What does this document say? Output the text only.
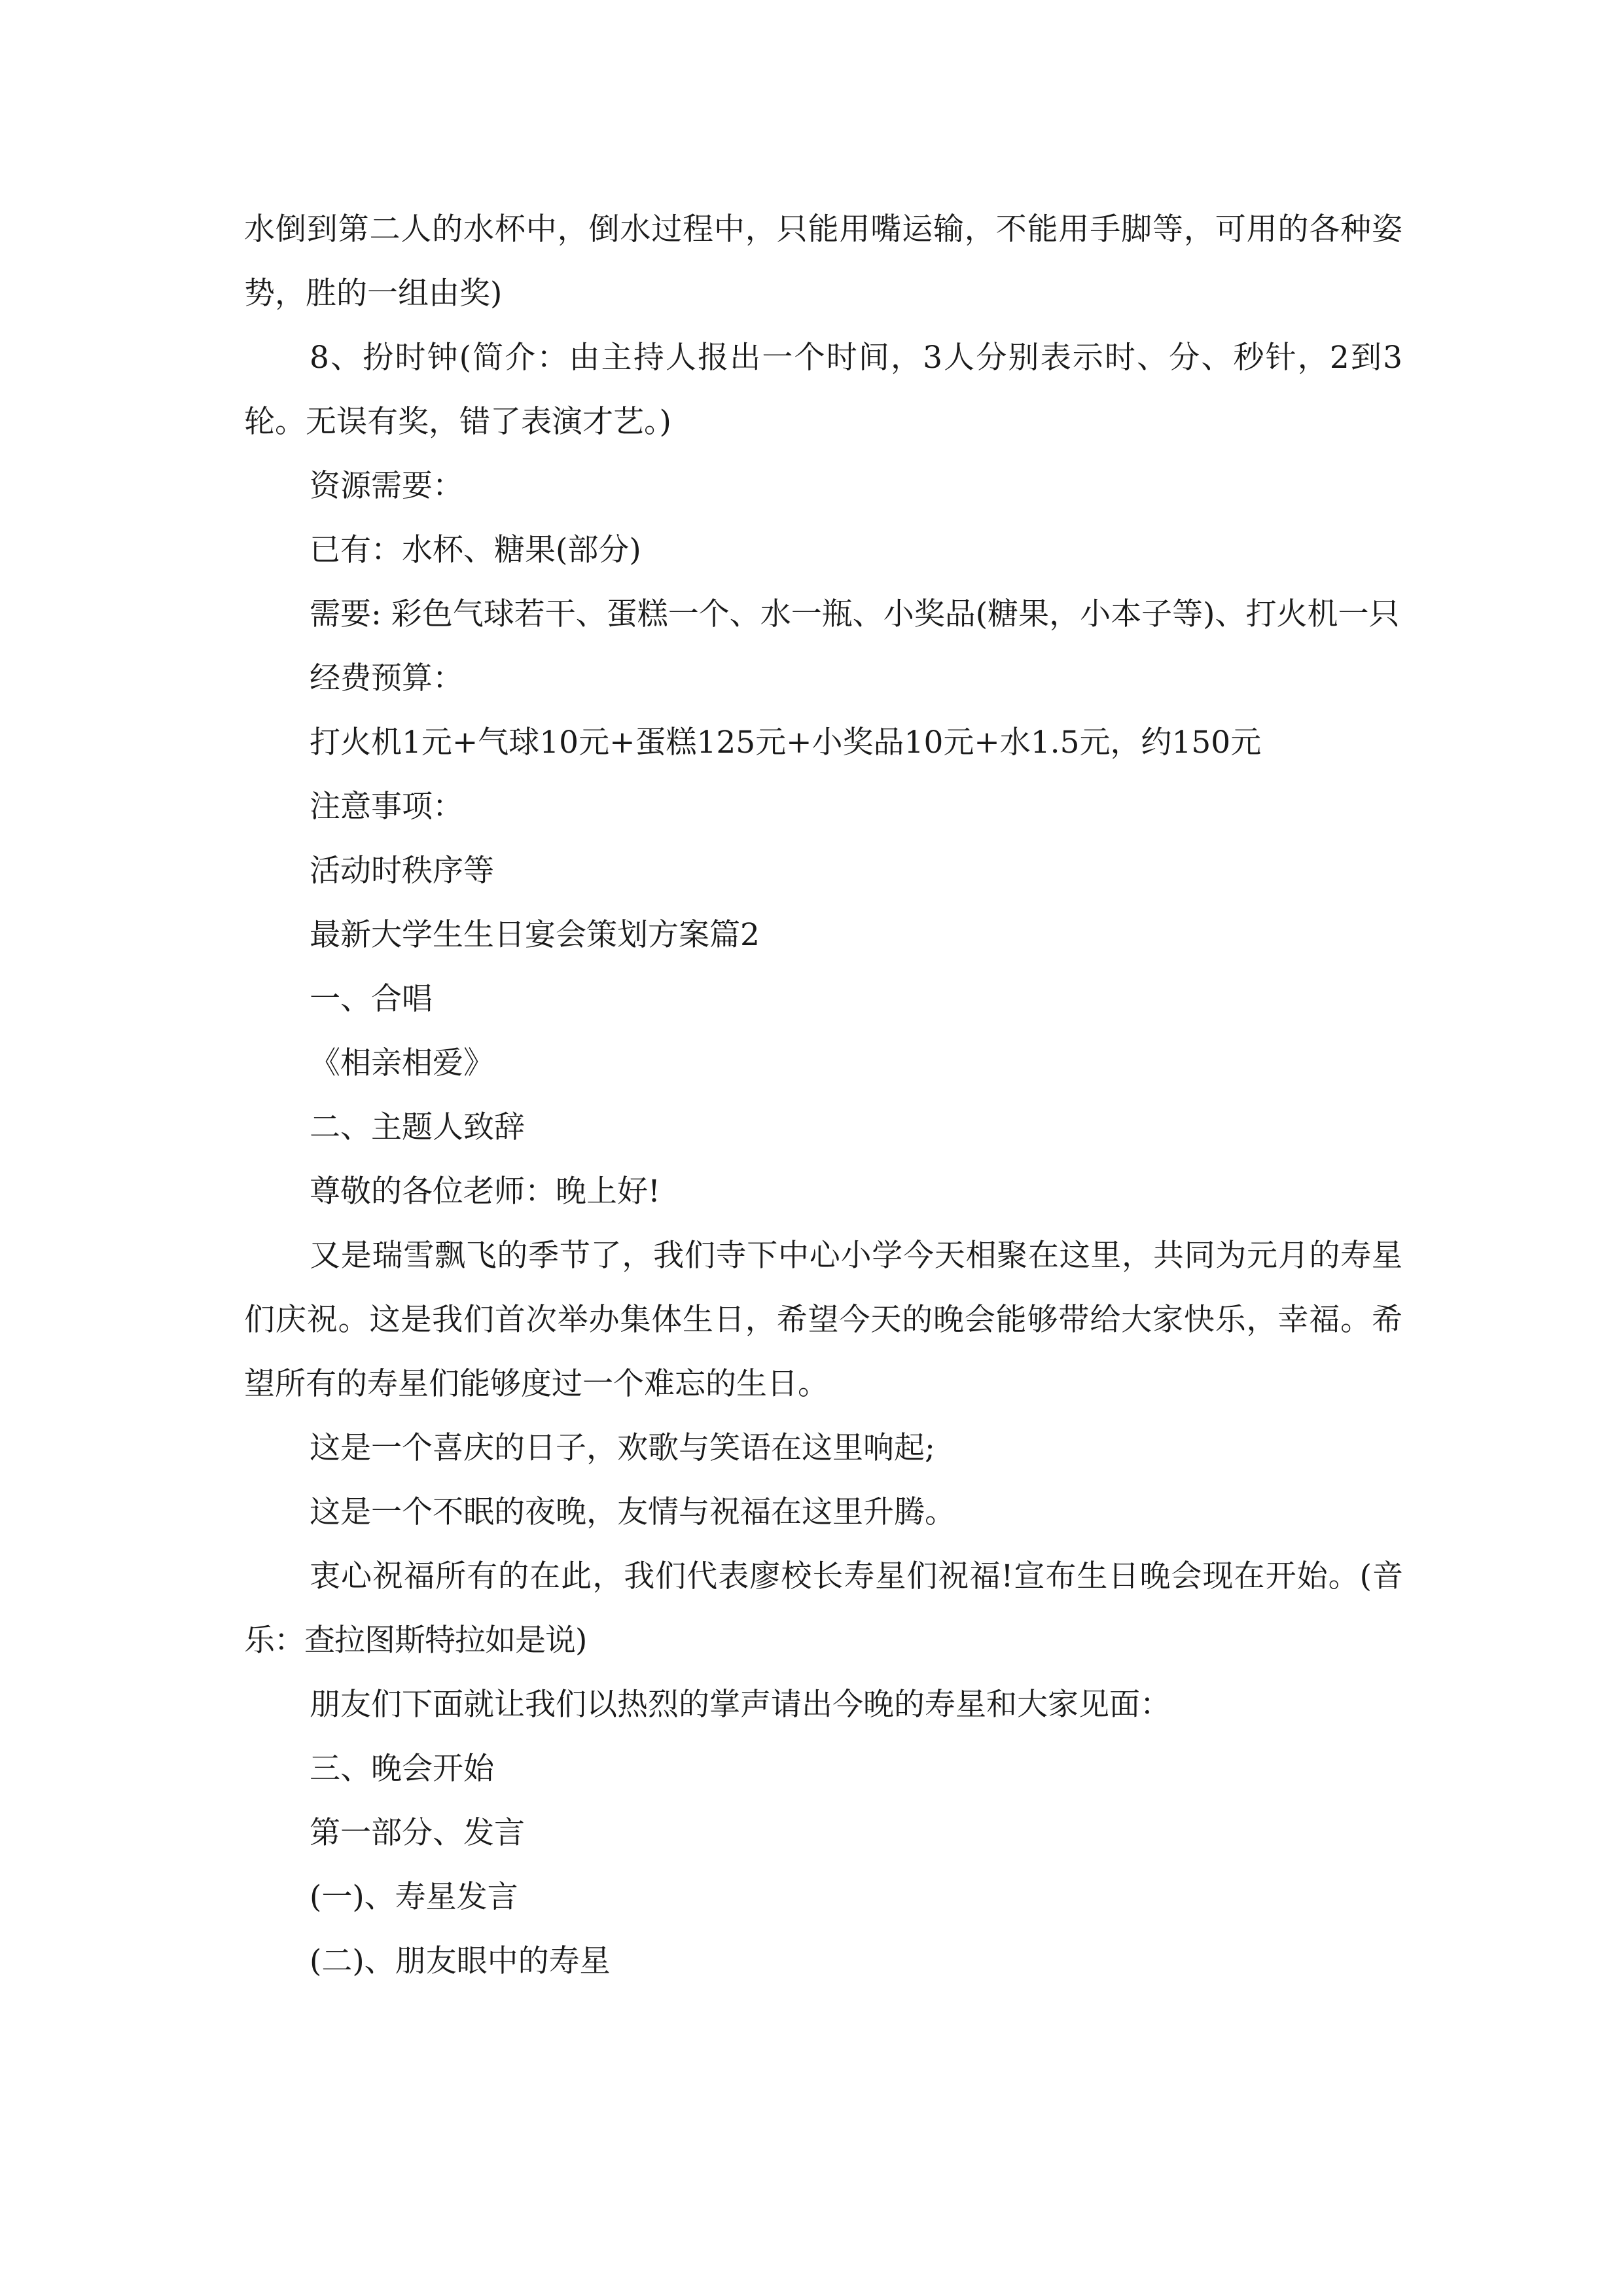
水倒到第二人的水杯中，倒水过程中，只能用嘴运输，不能用手脚等，可用的各种姿势，胜的一组由奖)

8、扮时钟(简介：由主持人报出一个时间，3人分别表示时、分、秒针，2到3轮。无误有奖，错了表演才艺。)

资源需要：

已有：水杯、糖果(部分)

需要: 彩色气球若干、蛋糕一个、水一瓶、小奖品(糖果，小本子等)、打火机一只

经费预算：

打火机1元+气球10元+蛋糕125元+小奖品10元+水1.5元，约150元

注意事项：

活动时秩序等

最新大学生生日宴会策划方案篇2

一、合唱

《相亲相爱》

二、主题人致辞

尊敬的各位老师：晚上好!

又是瑞雪飘飞的季节了，我们寺下中心小学今天相聚在这里，共同为元月的寿星们庆祝。这是我们首次举办集体生日，希望今天的晚会能够带给大家快乐，幸福。希望所有的寿星们能够度过一个难忘的生日。

这是一个喜庆的日子，欢歌与笑语在这里响起;

这是一个不眠的夜晚，友情与祝福在这里升腾。

衷心祝福所有的在此，我们代表廖校长寿星们祝福!宣布生日晚会现在开始。(音乐：查拉图斯特拉如是说)

朋友们下面就让我们以热烈的掌声请出今晚的寿星和大家见面：

三、晚会开始

第一部分、发言

(一)、寿星发言

(二)、朋友眼中的寿星
